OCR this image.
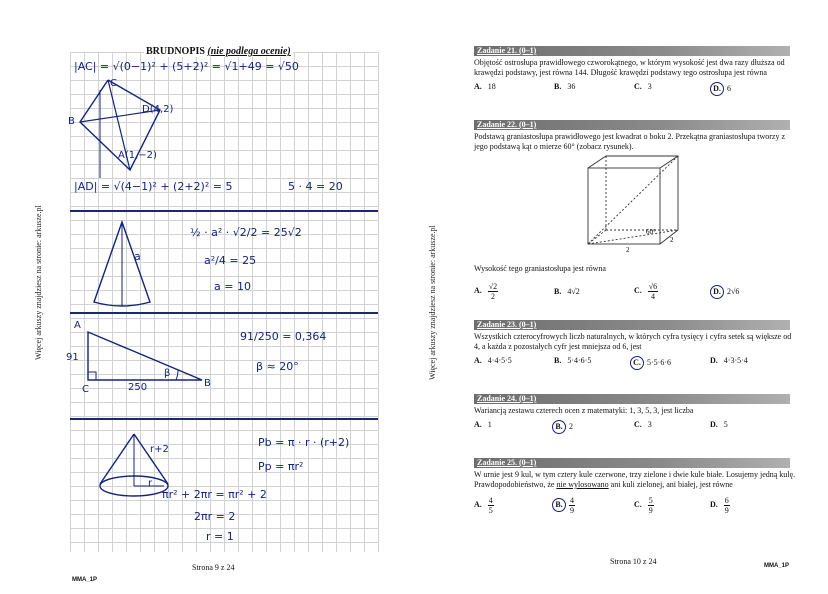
Więcej arkuszy znajdziesz na stronie: arkusze.pl
BRUDNOPIS (nie podlega ocenie)
|AC| = √(0−1)² + (5+2)² = √1+49 = √50
C
B
D(4,2)
A(1,−2)
|AD| = √(4−1)² + (2+2)² = 5	5 · 4 = 20
a
½ · a² · √2/2 = 25√2
a²/4 = 25
a = 10
A
C
B
91
250
β
91/250 = 0,364
β ≈ 20°
r+2
r
Pb = π · r · (r+2)
Pp = πr²
πr² + 2πr = πr² + 2
2πr = 2
r = 1
Strona 9 z 24
MMA_1P
Więcej arkuszy znajdziesz na stronie: arkusze.pl
Zadanie 21. (0–1)
Objętość ostrosłupa prawidłowego czworokątnego, w którym wysokość jest dwa razy dłuższa od krawędzi podstawy, jest równa 144. Długość krawędzi podstawy tego ostrosłupa jest równa
A. 18	B. 36	C. 3	D. 6
Zadanie 22. (0–1)
Podstawą graniastosłupa prawidłowego jest kwadrat o boku 2. Przekątna graniastosłupa tworzy z jego podstawą kąt o mierze 60° (zobacz rysunek).
60°
2
2
Wysokość tego graniastosłupa jest równa
A. $\frac{√2}{2}$	B. 4√2	C. $\frac{√6}{4}$	D. 2√6
Zadanie 23. (0–1)
Wszystkich czterocyfrowych liczb naturalnych, w których cyfra tysięcy i cyfra setek są większe od 4, a każda z pozostałych cyfr jest mniejsza od 6, jest
A. 4·4·5·5	B. 5·4·6·5	C. 5·5·6·6	D. 4·3·5·4
Zadanie 24. (0–1)
Wariancją zestawu czterech ocen z matematyki: 1, 3, 5, 3, jest liczba
A. 1	B. 2	C. 3	D. 5
Zadanie 25. (0–1)
W urnie jest 9 kul, w tym cztery kule czerwone, trzy zielone i dwie kule białe. Losujemy jedną kulę. Prawdopodobieństwo, że nie wylosowano ani kuli zielonej, ani białej, jest równe
A. $\frac{4}{5}$	B. $\frac{4}{9}$	C. $\frac{5}{9}$	D. $\frac{6}{9}$
Strona 10 z 24	MMA_1P
